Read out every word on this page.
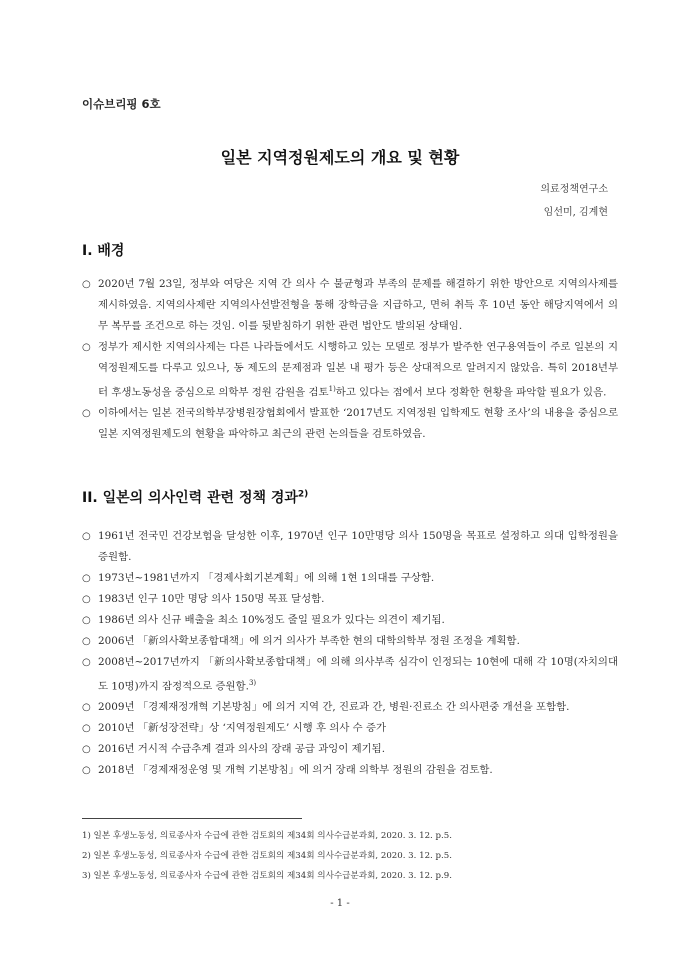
이슈브리핑 6호
일본 지역정원제도의 개요 및 현황
의료정책연구소
임선미, 김계현
I. 배경
○ 2020년 7월 23일, 정부와 여당은 지역 간 의사 수 불균형과 부족의 문제를 해결하기 위한 방안으로 지역의사제를 제시하였음. 지역의사제란 지역의사선발전형을 통해 장학금을 지급하고, 면허 취득 후 10년 동안 해당지역에서 의무 복무를 조건으로 하는 것임. 이를 뒷받침하기 위한 관련 법안도 발의된 상태임.
○ 정부가 제시한 지역의사제는 다른 나라들에서도 시행하고 있는 모델로 정부가 발주한 연구용역들이 주로 일본의 지역정원제도를 다루고 있으나, 동 제도의 문제점과 일본 내 평가 등은 상대적으로 알려지지 않았음. 특히 2018년부터 후생노동성을 중심으로 의학부 정원 감원을 검토$^{1)}$하고 있다는 점에서 보다 정확한 현황을 파악할 필요가 있음.
○ 이하에서는 일본 전국의학부장병원장협회에서 발표한 ‘2017년도 지역정원 입학제도 현황 조사’의 내용을 중심으로 일본 지역정원제도의 현황을 파악하고 최근의 관련 논의들을 검토하였음.
II. 일본의 의사인력 관련 정책 경과$^{2)}$
○ 1961년 전국민 건강보험을 달성한 이후, 1970년 인구 10만명당 의사 150명을 목표로 설정하고 의대 입학정원을 증원함.
○ 1973년~1981년까지 「경제사회기본계획」에 의해 1현 1의대를 구상함.
○ 1983년 인구 10만 명당 의사 150명 목표 달성함.
○ 1986년 의사 신규 배출을 최소 10%정도 줄일 필요가 있다는 의견이 제기됨.
○ 2006년 「新의사확보종합대책」에 의거 의사가 부족한 현의 대학의학부 정원 조정을 계획함.
○ 2008년~2017년까지 「新의사확보종합대책」에 의해 의사부족 심각이 인정되는 10현에 대해 각 10명(자치의대도 10명)까지 잠정적으로 증원함.$^{3)}$
○ 2009년 「경제재정개혁 기본방침」에 의거 지역 간, 진료과 간, 병원·진료소 간 의사편중 개선을 포함함.
○ 2010년 「新성장전략」상 ‘지역정원제도’ 시행 후 의사 수 증가
○ 2016년 거시적 수급추계 결과 의사의 장래 공급 과잉이 제기됨.
○ 2018년 「경제재정운영 및 개혁 기본방침」에 의거 장래 의학부 정원의 감원을 검토함.
1) 일본 후생노동성, 의료종사자 수급에 관한 검토회의 제34회 의사수급분과회, 2020. 3. 12. p.5.
2) 일본 후생노동성, 의료종사자 수급에 관한 검토회의 제34회 의사수급분과회, 2020. 3. 12. p.5.
3) 일본 후생노동성, 의료종사자 수급에 관한 검토회의 제34회 의사수급분과회, 2020. 3. 12. p.9.
- 1 -
